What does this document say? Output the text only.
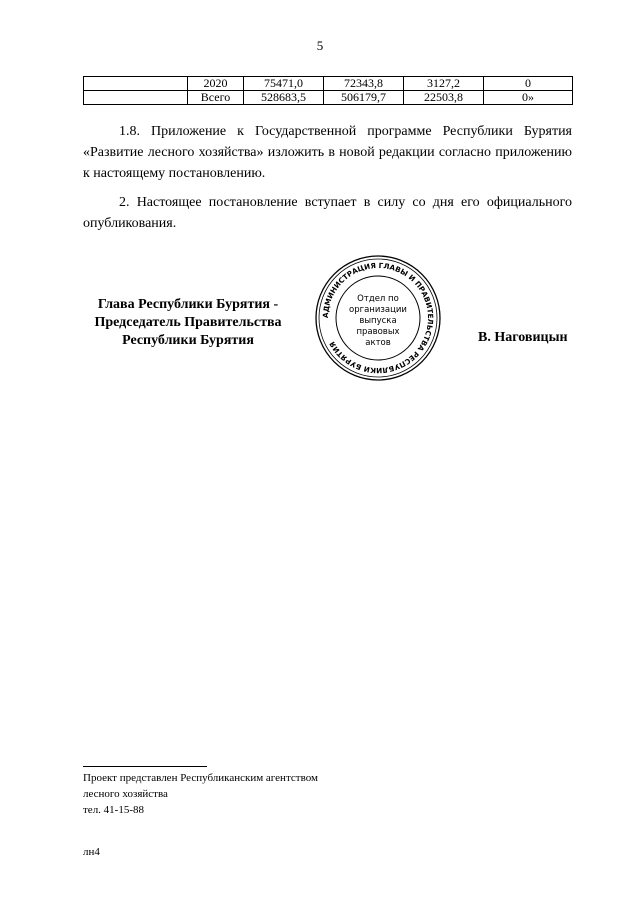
5
	2020	75471,0	72343,8	3127,2	0
	Всего	528683,5	506179,7	22503,8	0»

1.8. Приложение к Государственной программе Республики Бурятия «Развитие лесного хозяйства» изложить в новой редакции согласно приложению к настоящему постановлению.

2. Настоящее постановление вступает в силу со дня его официального опубликования.

Глава Республики Бурятия -
Председатель Правительства
Республики Бурятия
АДМИНИСТРАЦИЯ ГЛАВЫ И ПРАВИТЕЛЬСТВА РЕСПУБЛИКИ БУРЯТИЯ
Отдел по
организации
выпуска
правовых
актов	В. Наговицын
Проект представлен Республиканским агентством
лесного хозяйства
тел. 41-15-88
лн4
